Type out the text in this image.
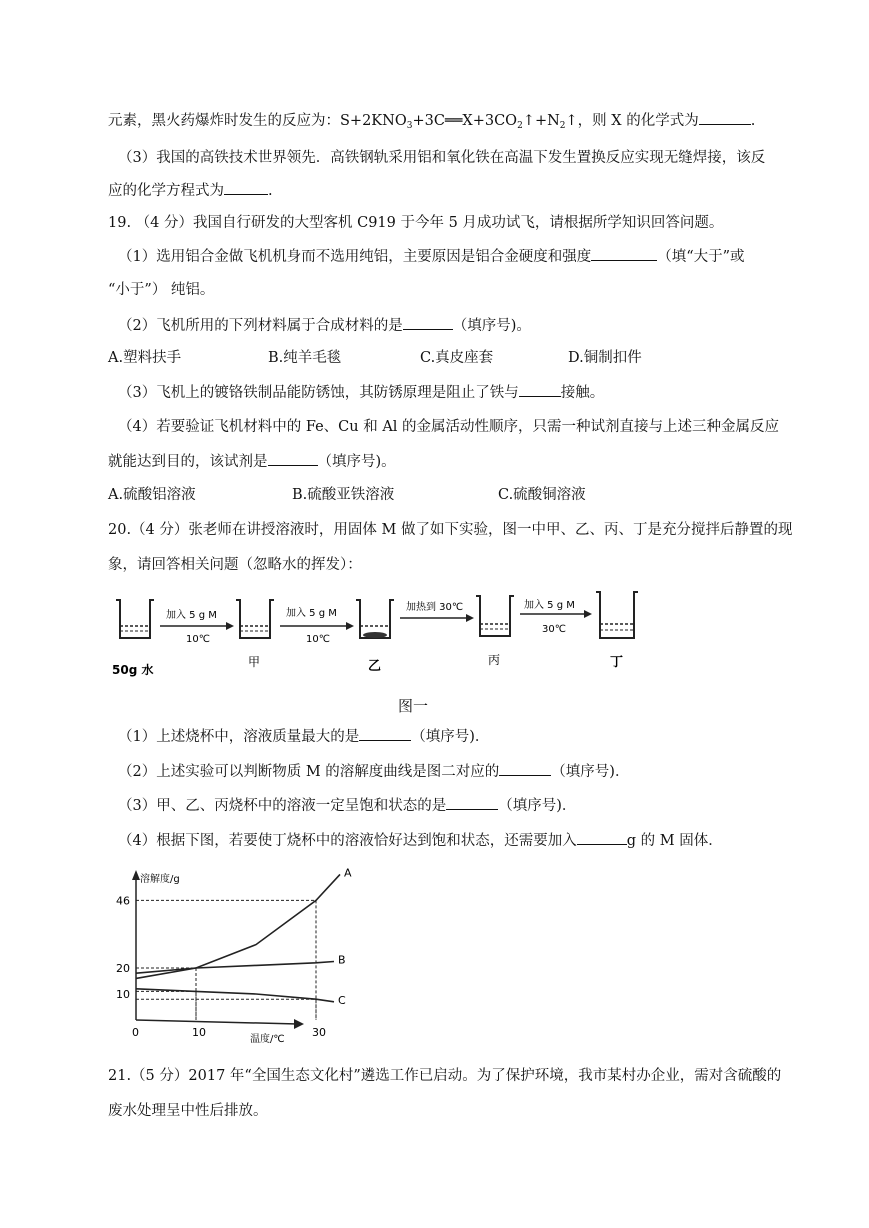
元素，黑火药爆炸时发生的反应为：$S+2KNO_3+3C══X+3CO_2↑+N_2↑$，则 X 的化学式为	.
（3）我国的高铁技术世界领先．高铁钢轨采用铝和氧化铁在高温下发生置换反应实现无缝焊接，该反
应的化学方程式为	.
19. （4 分）我国自行研发的大型客机 C919 于今年 5 月成功试飞，请根据所学知识回答问题。
（1）选用铝合金做飞机机身而不选用纯铝，主要原因是铝合金硬度和强度	（填“大于”或
“小于”） 纯铝。
（2）飞机所用的下列材料属于合成材料的是	（填序号)。
A.塑料扶手	B.纯羊毛毯	C.真皮座套	D.铜制扣件
（3）飞机上的镀铬铁制品能防锈蚀，其防锈原理是阻止了铁与	接触。
（4）若要验证飞机材料中的 Fe、Cu 和 Al 的金属活动性顺序，只需一种试剂直接与上述三种金属反应
就能达到目的，该试剂是	（填序号)。
A.硫酸铝溶液	B.硫酸亚铁溶液	C.硫酸铜溶液
20.（4 分）张老师在讲授溶液时，用固体 M 做了如下实验，图一中甲、乙、丙、丁是充分搅拌后静置的现
象，请回答相关问题（忽略水的挥发）：
加入 5 g M
10℃
加入 5 g M
10℃
加热到 30℃	加入 5 g M
30℃
50g 水
甲	乙	丙	丁
图一
（1）上述烧杯中，溶液质量最大的是	（填序号)．
（2）上述实验可以判断物质 M 的溶解度曲线是图二对应的	（填序号)．
（3）甲、乙、丙烧杯中的溶液一定呈饱和状态的是	（填序号)．
（4）根据下图，若要使丁烧杯中的溶液恰好达到饱和状态，还需要加入	g 的 M 固体．
溶解度/g
温度/℃
10
20
46
0	10	30
A
B
C
21.（5 分）2017 年“全国生态文化村”遴选工作已启动。为了保护环境，我市某村办企业，需对含硫酸的
废水处理呈中性后排放。
